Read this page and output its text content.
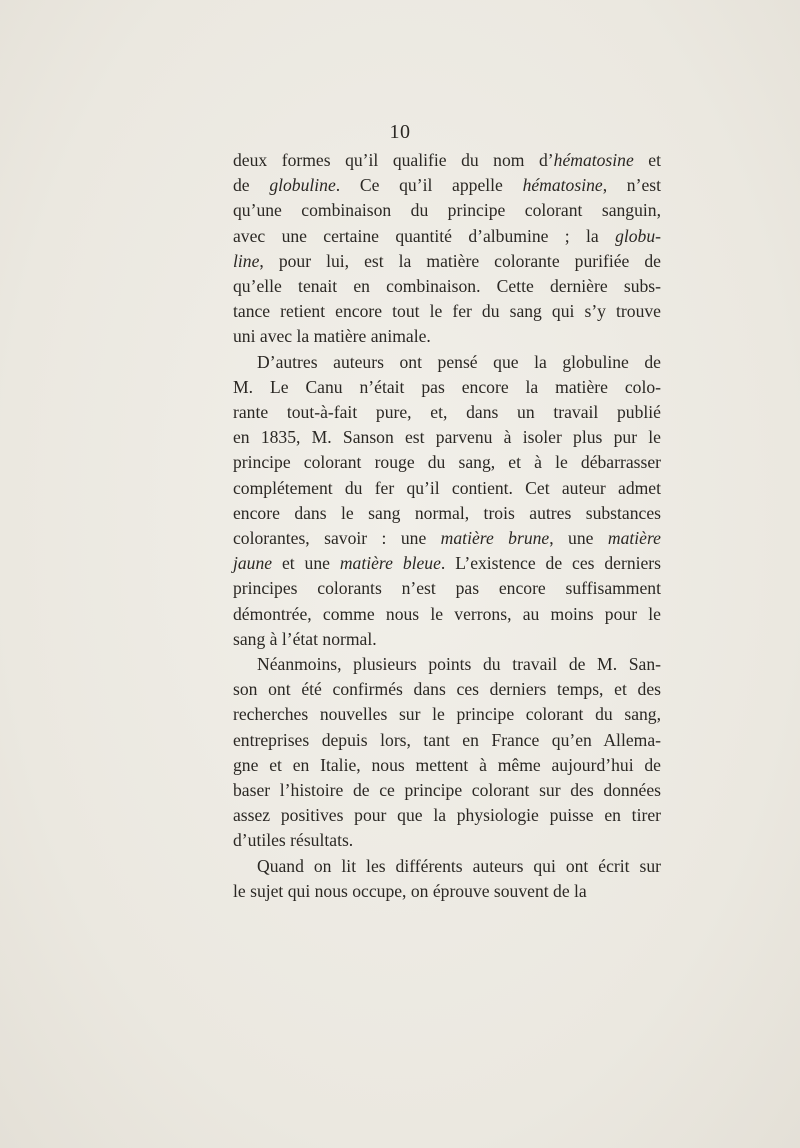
10
deux formes qu’il qualifie du nom d’hématosine et
de globuline. Ce qu’il appelle hématosine, n’est
qu’une combinaison du principe colorant sanguin,
avec une certaine quantité d’albumine ; la globu-
line, pour lui, est la matière colorante purifiée de
qu’elle tenait en combinaison. Cette dernière subs-
tance retient encore tout le fer du sang qui s’y trouve
uni avec la matière animale.
D’autres auteurs ont pensé que la globuline de
M. Le Canu n’était pas encore la matière colo-
rante tout-à-fait pure, et, dans un travail publié
en 1835, M. Sanson est parvenu à isoler plus pur le
principe colorant rouge du sang, et à le débarrasser
complétement du fer qu’il contient. Cet auteur admet
encore dans le sang normal, trois autres substances
colorantes, savoir : une matière brune, une matière
jaune et une matière bleue. L’existence de ces derniers
principes colorants n’est pas encore suffisamment
démontrée, comme nous le verrons, au moins pour le
sang à l’état normal.
Néanmoins, plusieurs points du travail de M. San-
son ont été confirmés dans ces derniers temps, et des
recherches nouvelles sur le principe colorant du sang,
entreprises depuis lors, tant en France qu’en Allema-
gne et en Italie, nous mettent à même aujourd’hui de
baser l’histoire de ce principe colorant sur des données
assez positives pour que la physiologie puisse en tirer
d’utiles résultats.
Quand on lit les différents auteurs qui ont écrit sur
le sujet qui nous occupe, on éprouve souvent de la
